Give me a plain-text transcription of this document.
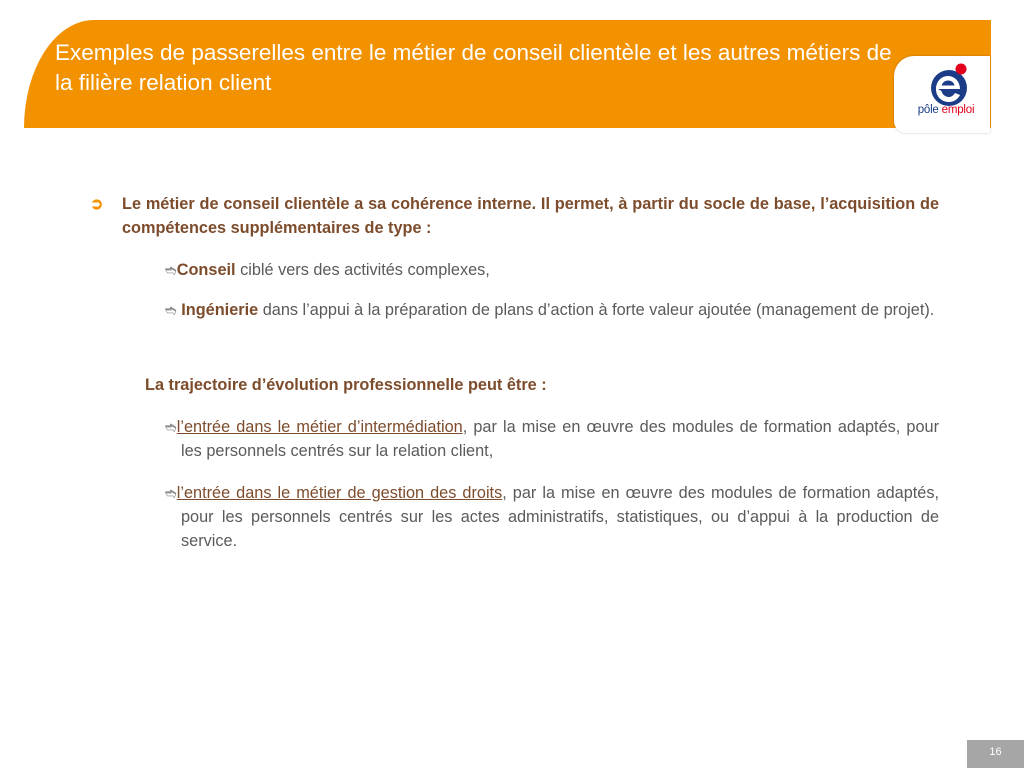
Exemples de passerelles entre le métier de conseil clientèle et les autres métiers de la filière relation client
pôle emploi
➲ Le métier de conseil clientèle a sa cohérence interne. Il permet, à partir du socle de base, l’acquisition de compétences supplémentaires de type :
➬Conseil ciblé vers des activités complexes,
➬ Ingénierie dans l’appui à la préparation de plans d’action à forte valeur ajoutée (management de projet).
La trajectoire d’évolution professionnelle peut être :
➬l’entrée dans le métier d’intermédiation, par la mise en œuvre des modules de formation adaptés, pour les personnels centrés sur la relation client,
➬l’entrée dans le métier de gestion des droits, par la mise en œuvre des modules de formation adaptés, pour les personnels centrés sur les actes administratifs, statistiques, ou d’appui à la production de service.
16
